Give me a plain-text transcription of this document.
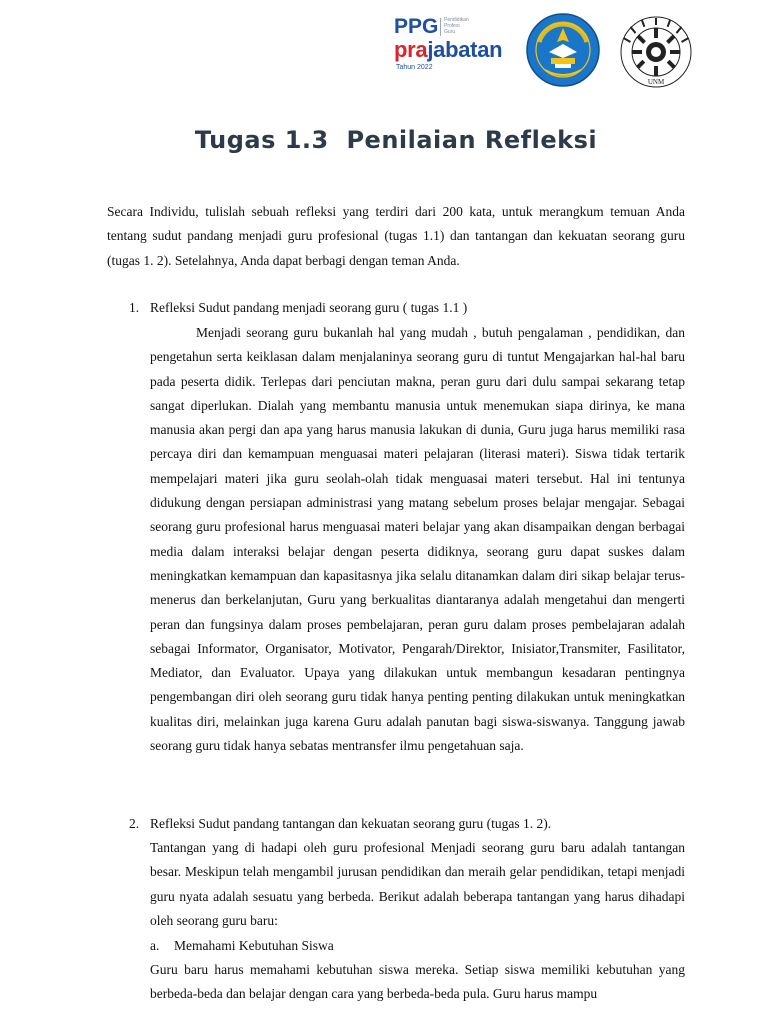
PPG Pendidikan Profesi Guru
prajabatan
Tahun 2022
UNM
Tugas 1.3  Penilaian Refleksi
Secara Individu, tulislah sebuah refleksi yang terdiri dari 200 kata, untuk merangkum temuan Anda tentang sudut pandang menjadi guru profesional (tugas 1.1) dan tantangan dan kekuatan seorang guru (tugas 1. 2). Setelahnya, Anda dapat berbagi dengan teman Anda.
1. Refleksi Sudut pandang menjadi seorang guru ( tugas 1.1 )
Menjadi seorang guru bukanlah hal yang mudah , butuh pengalaman , pendidikan, dan pengetahun serta keiklasan dalam menjalaninya seorang guru di tuntut Mengajarkan hal-hal baru pada peserta didik. Terlepas dari penciutan makna, peran guru dari dulu sampai sekarang tetap sangat diperlukan. Dialah yang membantu manusia untuk menemukan siapa dirinya, ke mana manusia akan pergi dan apa yang harus manusia lakukan di dunia, Guru juga harus memiliki rasa percaya diri dan kemampuan menguasai materi pelajaran (literasi materi). Siswa tidak tertarik mempelajari materi jika guru seolah-olah tidak menguasai materi tersebut. Hal ini tentunya didukung dengan persiapan administrasi yang matang sebelum proses belajar mengajar. Sebagai seorang guru profesional harus menguasai materi belajar yang akan disampaikan dengan berbagai media dalam interaksi belajar dengan peserta didiknya, seorang guru dapat suskes dalam meningkatkan kemampuan dan kapasitasnya jika selalu ditanamkan dalam diri sikap belajar terus-menerus dan berkelanjutan, Guru yang berkualitas diantaranya adalah mengetahui dan mengerti peran dan fungsinya dalam proses pembelajaran, peran guru dalam proses pembelajaran adalah sebagai Informator, Organisator, Motivator, Pengarah/Direktor, Inisiator,Transmiter, Fasilitator, Mediator, dan Evaluator. Upaya yang dilakukan untuk membangun kesadaran pentingnya pengembangan diri oleh seorang guru tidak hanya penting penting dilakukan untuk meningkatkan kualitas diri, melainkan juga karena Guru adalah panutan bagi siswa-siswanya. Tanggung jawab seorang guru tidak hanya sebatas mentransfer ilmu pengetahuan saja.
2. Refleksi Sudut pandang tantangan dan kekuatan seorang guru (tugas 1. 2).
Tantangan yang di hadapi oleh guru profesional Menjadi seorang guru baru adalah tantangan besar. Meskipun telah mengambil jurusan pendidikan dan meraih gelar pendidikan, tetapi menjadi guru nyata adalah sesuatu yang berbeda. Berikut adalah beberapa tantangan yang harus dihadapi oleh seorang guru baru:
a. Memahami Kebutuhan Siswa
Guru baru harus memahami kebutuhan siswa mereka. Setiap siswa memiliki kebutuhan yang berbeda-beda dan belajar dengan cara yang berbeda-beda pula. Guru harus mampu
